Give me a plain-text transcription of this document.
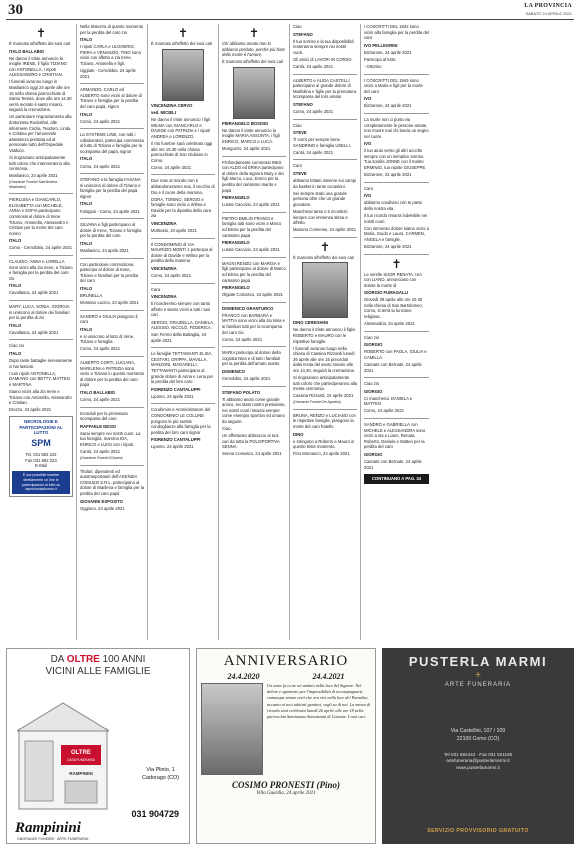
30	LA PROVINCIA
SABATO 24 APRILE 2021
✝

È mancato all'affetto dei suoi cari

ITALO BALLABIO

Ne danno il triste annuncio la moglie IRENE, il figlio TIZIANO con ANTONELLA, i nipoti ALESSANDRO e CRISTIAN.

I funerali avranno luogo in Maslianico oggi 24 aprile alle ore 15 nella chiesa parrocchiale di Santa Teresa, dove alle ore 14.30 verrà recitato il santo rosario, seguirà la cremazione.

Un particolare ringraziamento alla dottoressa Rucksthul, alle infermiere Cinzia, Teodoro, Linda e Cristina per l'amorevole assistenza prestata ed al personale tutto dell'Ospedale Valduce.

Si ringraziano anticipatamente tutti coloro che interverranno alla cerimonia.

Maslianico, 24 aprile 2021

(Onoranze Funebri Sant'Andrea - Maslianico)

PIERLUISA e GIANCARLO, ELISABETTA con MICHELE, ANNA e SOFIA partecipano commossi al dolore di Irene Tiziano, Antonella, Alessandro e Cristian per la morte del caro nonno

ITALO

Como - Cernobbio, 24 aprile 2021

CLAUDIO, ANNA e LORELLA sono vicini alla zia Irene, a Tiziano e famiglia per la perdita del caro zio

ITALO

Cavallasca, 24 aprile 2021

MARY, LUCA, SONIA, GIORGIA si uniscono al dolore dei familiari per la perdita di zio

ITALO

Cavallasca, 24 aprile 2021

Ciao zio

ITALO

Dopo tante battaglie serenamente ci hai lasciati.

I tuoi nipoti ANTONELLA, DAMIANO con BETTY, MATTEO e MARTINA.

Siamo vicini alla zia Irene e Tiziano con Antonella, Alessandro e Cristian.

Drezzo, 24 aprile 2021

NECROLOGIE E PARTECIPAZIONI AL LUTTO
SPM
Tel. 031 582 222
Fax 031 582 223
E-Mail
È ora possibile inserire direttamente on line le partecipazioni al lutto su laprovinciadicomo.it

Nella tristezza di questo momento per la perdita del caro zio

ITALO

I nipoti CARLA e ULGHERIO, PIERA e VENANZIO, TINO sono vicini con affetto a zia Irene, Tiziano, Antonella e figli.

Uggiate - Cernobbio, 24 aprile 2021

ARMANDO, CARLO ed ALBERTO sono vicini al dolore di Tiziano e famiglia per la perdita del caro papà, signor

ITALO

Como, 24 aprile 2021

La SYSTEMS LINE, con tutti i collaboratori, partecipa commossa al lutto di Tiziano e famiglia per la scomparsa del papà, signor

ITALO

Como, 24 aprile 2021

STEFANO e la famiglia FASANA si uniscono al dolore di Tiziano e famiglia per la perdita del papà, signor

ITALO

Faloppio - Como, 24 aprile 2021

SILVANA e figli partecipano al dolore di Irene, Tiziano e famiglia per la perdita del caro

ITALO

Maslianico, 24 aprile 2021

Con particolare commozione, partecipo al dolore di Irene, Tiziano e familiari per la perdita del caro

ITALO

BRUNELLA.

Montano Lucino, 24 aprile 2021

SANDRO e GIULIA piangono il caro

ITALO

e si uniscono al lutto di Irene, Tiziano e famiglia.

Como, 24 aprile 2021

ALBERTO CORTI, LUCIANA, MARILENA e PATRIZIA sono vicini a Tiziano in questo momento di dolore per la perdita del caro papà

ITALO BALLABIO

Como, 24 aprile 2021

Increduli per la prematura scomparsa del caro

RAFFAELE DESSI

Sarai sempre nei nostri cuori. La tua famiglia, mamma IDA, ENRICO e LUIGI con i nipoti.

Cantù, 24 aprile 2021

(Onoranze Funebri D'Aurea)

Titolari, dipendenti ed autotrasportatori dell'AGENZIA COMUZZI S.R.L. partecipano al dolore di Marilena e famiglia per la perdita del caro papà

GIOVANNI ESPOSITO

Oggiono, 24 aprile 2021

✝

È mancato all'affetto dei suoi cari

VINCENZINA CERVO

ved. MICIELI

Ne danno il triste annuncio i figli WILMA con GIANCARLO e DAVIDE con PATRIZIA e i nipoti ANDREA e LORENZO.

Il rito funebre sarà celebrato oggi alle ore 15.30 nella chiesa parrocchiale di San Giuliano in Como.

Como, 24 aprile 2021

Due rose al mondo non ti abbandoneranno mai, il cecchio di Dio e il cuore della mamma.

DORA, TONINO, SERGIO e famiglie sono vicini a Wilma e Davide per la dipartita della cara zia

VINCENZINA

Moltrasio, 24 aprile 2021

Il CONDOMINIO di VIA MAURIZIO MONTI 1 partecipa al dolore di Davide e Wilma per la perdita della mamma

VINCENZINA

Como, 24 aprile 2021

Cara

VINCENZINA

ti ricorderemo sempre con tanto affetto e siamo vicini a tutti i tuoi cari.

SERGIO, GRAZIELLA, DANIELA, ALESSIO, NICOLÒ, FEDERICA.

San Fermo della Battaglia, 24 aprile 2021

Le famiglie TETTAMANTI ELISA, CESTARI, GRIPPA, MAVILLA, MANZONI, MAGARELLI, TETTAMANTI partecipano al grande dolore di Anna e Lena per la perdita del loro caro

FIORENZO CANTALUPPI

Lipomo, 24 aprile 2021

Condòmini e Amministratore del CONDOMINIO LE COLLINE pongono le più sentite condoglianze alla famiglia per la perdita del loro caro signor

FIORENZO CANTALUPPI

Lipomo, 24 aprile 2021

✝

Chi abbiamo amato non lo abbiamo perduto, perché più forte della morte è l'amore.

È mancato all'affetto dei suoi cari

PIERANGELO BOSISIO

Ne danno il triste annuncio la moglie MARIA ASSUNTA, i figli ENRICO, MARCO e LUCA.

Monguzzo, 24 aprile 2021

Profondamente commossi INES con ALDO ed ERIKA partecipano al dolore della signora Mary e dei figli Marco, Luca, Enrico per la perdita del carissimo marito e papà

PIERANGELO

Lurate Caccivio, 24 aprile 2021

PIETRO EMILIO FRANGI e famiglia tutti sono vicini a Marco ed Elena per la perdita del carissimo papà

PIERANGELO

Lurate Caccivio, 24 aprile 2021

MAGNI RENZO con MARISA e figli partecipano al dolore di Marco ed Elena per la perdita del carissimo papà

PIERANGELO

Olgiate Comasco, 24 aprile 2021

DOMENICO GRANTURCO

FRANCO con BARBARA e MATTIA sono vicini alla zia Nina e ai familiari tutti per la scomparsa del caro zio.

Como, 24 aprile 2021

MARIA partecipa al dolore della cognata Nina e di tutti i familiari per la perdita dell'amato marito

DOMENICO

Cernobbio, 24 aprile 2021

STEFANO POLATO

Ti abbiamo avuto come grande amico, sei stato nostro presidente, nei nostri cuori rimarrai sempre come esempio sportivo ed umano da seguire.

Ciao.

Un affettuoso abbraccio ai tuoi cari da tutta la POLISPORTIVA SENNA.

Senna Comasco, 24 aprile 2021

Ciao

STEFANO

Il tuo sorriso e la tua disponibilità resteranno sempre nei nostri cuori.

Gli amici di LAVORI IN CORSO.

Cantù, 24 aprile 2021

ALBERTO e ALIDA CASTELLI partecipano al grande dolore di Marilolina e figlie per la prematura scomparsa del loro amato

STEFANO

Como, 24 aprile 2021

Ciao

STEVE

Ti vorrò per sempre bene. SANDRINO e famiglia USELLI.

Cantù, 24 aprile 2021

Caro

STEVE

abbiamo lottato insieme sui campi da basket in tante occasioni.

Sei sempre stato una grande persona oltre che un grande giocatore.

Mancherai tanto e ti ricorderò sempre con immensa stima e affetto.

Mariano Comense, 24 aprile 2021

✝

È mancato all'affetto dei suoi cari

DINO CEREGHINI

Ne danno il triste annuncio il figlio ROBERTO e MAURO con le rispettive famiglie.

I funerali avranno luogo nella chiesa di Cassina Rizzardi lunedì 26 aprile alle ore 15 preceduti dalla recita del santo rosario alle ore 14.30, seguirà la cremazione.

Si ringraziano anticipatamente tutti coloro che parteciperanno alla mesta cerimonia.

Cassina Rizzardi, 24 aprile 2021

(Onoranze Funebri De Agostini)

BRUNA, RENZO e LUCIANO con le rispettive famiglie, piangono la morte del caro fratello

DINO

e stringono a Roberto e Mauro in questo triste momento.

Fino Mornasco, 24 aprile 2021

I COSCRITTI DEL 1942 sono vicini alla famiglia per la perdita del caro

IVO PELLEGRINI

Bizzarone, 24 aprile 2021

Partecipa al lutto:

- Ottorino

I COSCRITTI DEL 1945 sono vicini a Maria e figli per la morte del caro

IVO

Bizzarone, 24 aprile 2021

La morte non ci porta via completamente le persone amate, non muore mai chi lascia un segno nel cuore.

IVO

il tuo aiuto verso gli altri accolto sempre con un semplice sorriso. Tua sorella JONNE con il marito ERMINIO, tuo nipote GIUSEPPE.

Bizzarone, 24 aprile 2021

Caro

IVO

abbiamo condiviso con te parte della nostra vita.

Il tuo ricordo rimarrà indelebile nei nostri cuori.

Con immenso dolore siamo vicini a Maria, Guido e Laura. CARMEN, ANGELA e famiglie.

Bizzarone, 24 aprile 2021

✝

Le sorelle SUOR RENATA, ISA con LIANO, annunciano con dolore la morte di

GIORGIO FUMAGALLI

Giovedì 29 aprile alle ore 10.30 nella chiesa di San Bartolomeo, Como, si terrà la funzione religiosa.

Alessandria, 24 aprile 2021

Ciao zio

GIORGIO

ROBERTO con PAOLA, GIULIA e CAMILLA.

Casnate con Bernate, 24 aprile 2021

Ciao zio

GIORGIO

Ci mancherai. DANIELA e MATTEO.

Como, 24 aprile 2021

SANDRO e GABRIELLA con MICHELE e ALESSANDRA sono vicini a Isa e Liano, Renata, Roberto, Daniela e Matteo per la perdita del caro

GIORGIO

Casnate con Bernate, 24 aprile 2021

CONTINUANO A PAG. 34
DA OLTRE 100 ANNI
VICINI ALLE FAMIGLIE
OLTRE
CASA FUNERARIA
RAMPININI
Via Plinio, 1
Cadorago (CO)
031 904729
Rampinini
ONORANZE FUNEBRI · ARTE FUNERARIA
ANNIVERSARIO
24.4.2020	24.4.2021
Un anno fa tu ne sei andato nella luce del Signore. Nel dolore e sgomento per l'impossibilità di accompagnarti, comunque siamo certi che ora vivi nella luce del Paradiso, accanto ai tuoi adorati genitori, vegli su di noi. La messa di ricordo sarà celebrata lunedì 26 aprile alle ore 18 nella parrocchia Santissima Annunziata di Casnate. I tuoi cari.
COSIMO PRONESTI (Pino)
Villa Guardia, 24 aprile 2021
PUSTERLA MARMI
+
ARTE FUNERARIA
Via Castellini, 107 / 109
22100 Como (CO)
Tel 031 592443 · Fax 031 521165
artefuneraria@pusterlamarmi.it
www.pusterlamarmi.it
SERVIZIO PROVVISORIO GRATUITO
